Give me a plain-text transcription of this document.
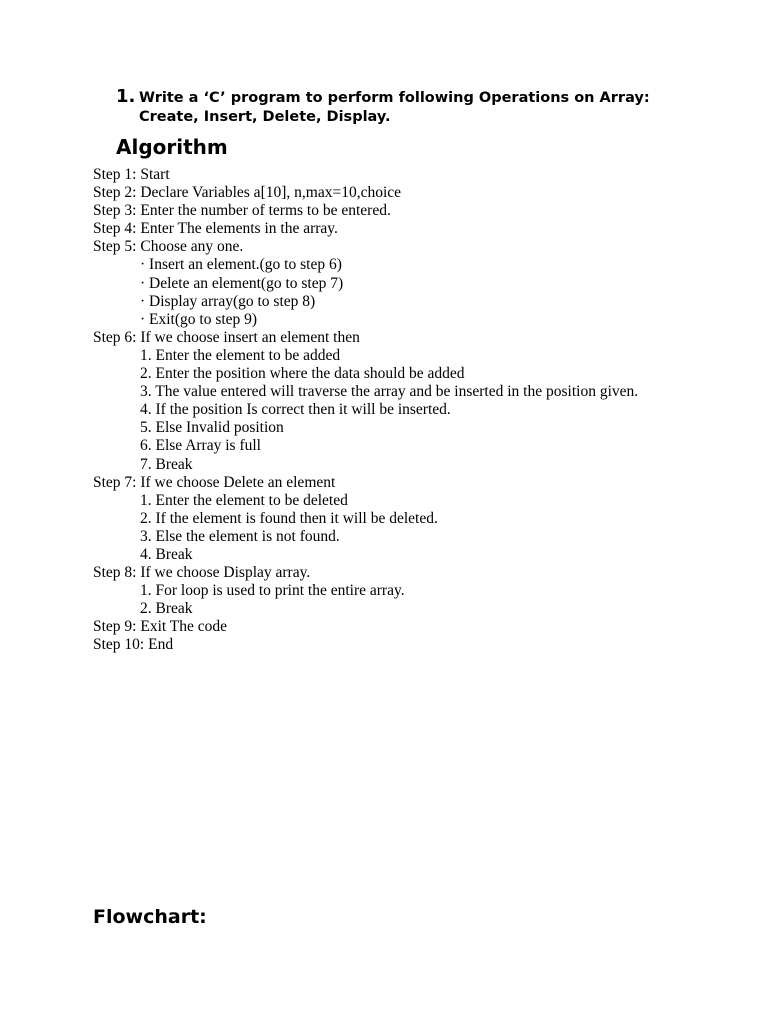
1. Write a ‘C’ program to perform following Operations on Array: Create, Insert, Delete, Display.
Algorithm
Step 1: Start
Step 2: Declare Variables a[10], n,max=10,choice
Step 3: Enter the number of terms to be entered.
Step 4: Enter The elements in the array.
Step 5: Choose any one.
· Insert an element.(go to step 6)
· Delete an element(go to step 7)
· Display array(go to step 8)
· Exit(go to step 9)
Step 6: If we choose insert an element then
1. Enter the element to be added
2. Enter the position where the data should be added
3. The value entered will traverse the array and be inserted in the position given.
4. If the position Is correct then it will be inserted.
5. Else Invalid position
6. Else Array is full
7. Break
Step 7: If we choose Delete an element
1. Enter the element to be deleted
2. If the element is found then it will be deleted.
3. Else the element is not found.
4. Break
Step 8: If we choose Display array.
1. For loop is used to print the entire array.
2. Break
Step 9: Exit The code
Step 10: End
Flowchart:
